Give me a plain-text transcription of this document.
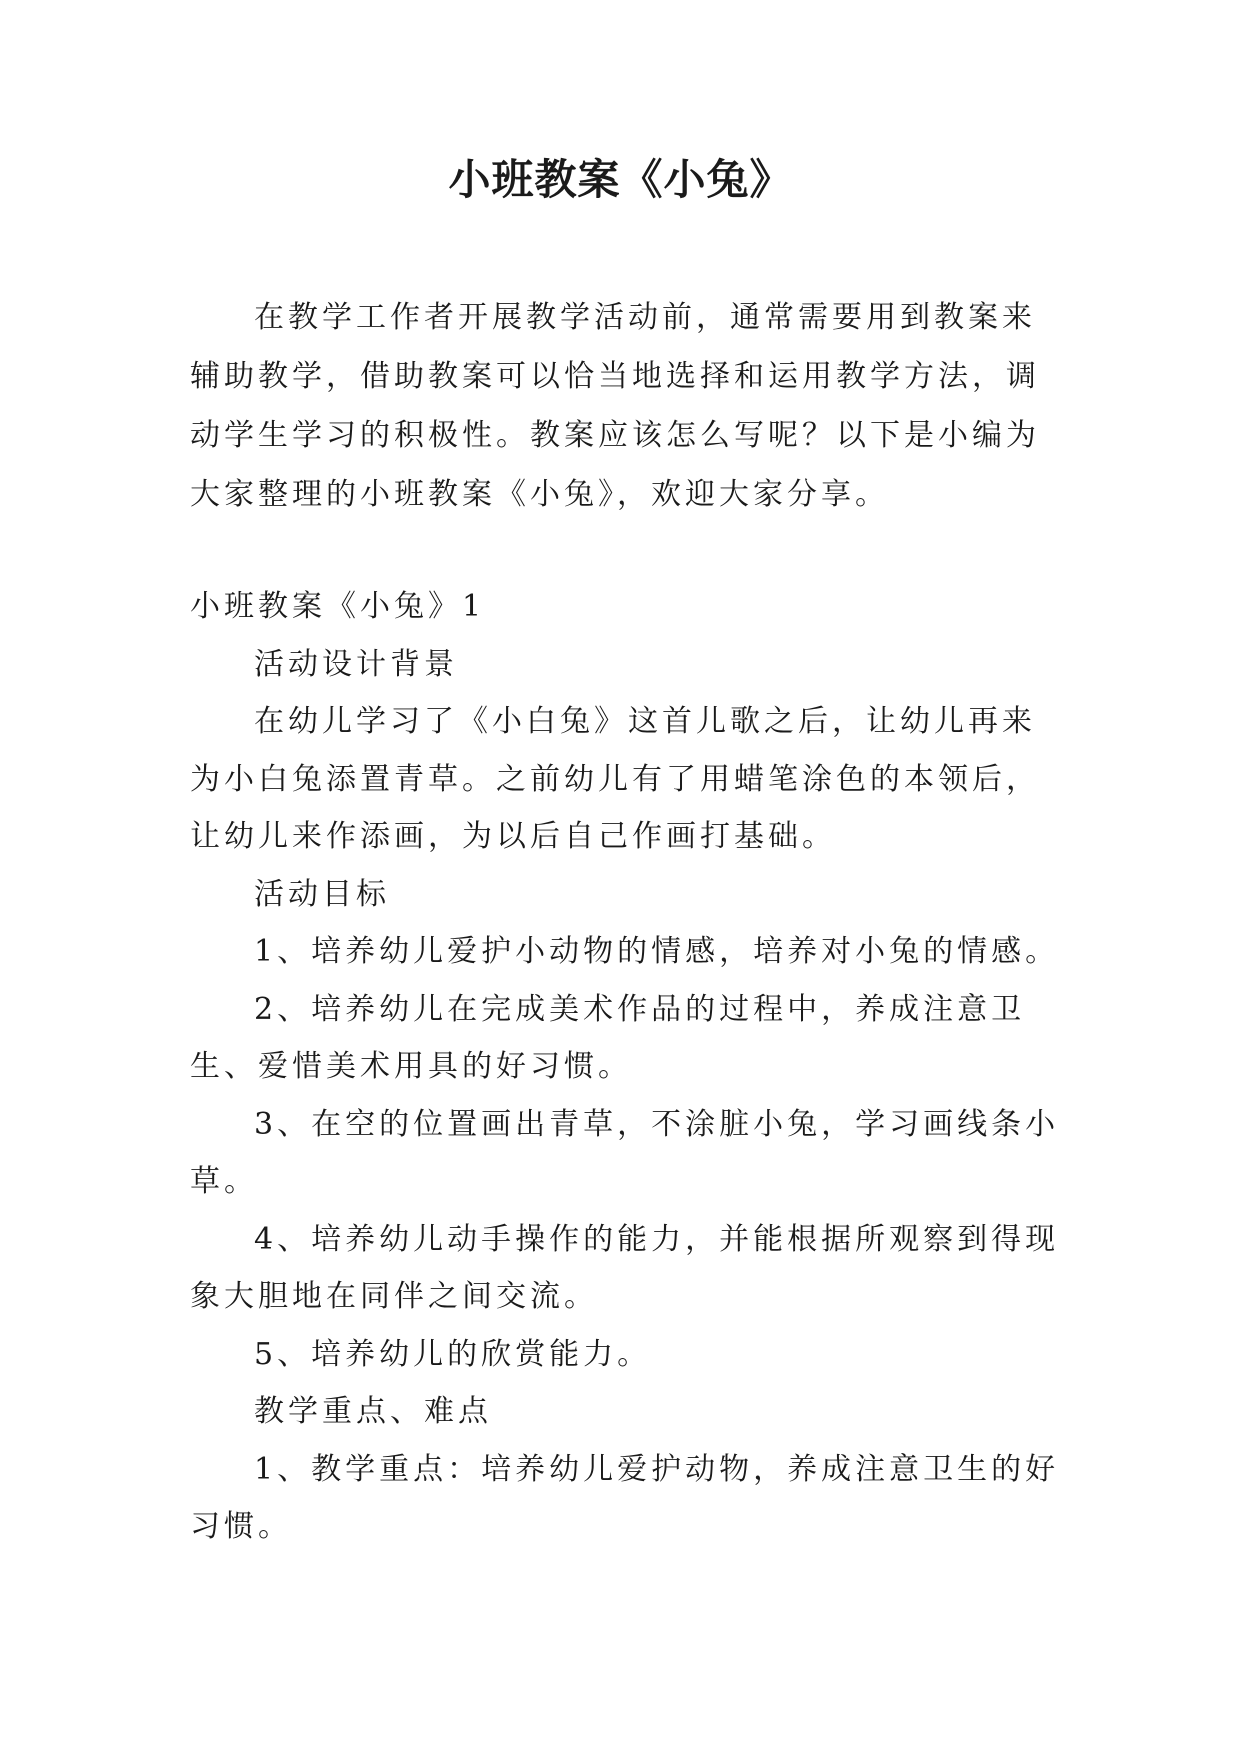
小班教案《小兔》

在教学工作者开展教学活动前，通常需要用到教案来辅助教学，借助教案可以恰当地选择和运用教学方法，调动学生学习的积极性。教案应该怎么写呢？以下是小编为大家整理的小班教案《小兔》，欢迎大家分享。

小班教案《小兔》1

活动设计背景

在幼儿学习了《小白兔》这首儿歌之后，让幼儿再来为小白兔添置青草。之前幼儿有了用蜡笔涂色的本领后，让幼儿来作添画，为以后自己作画打基础。

活动目标

1、培养幼儿爱护小动物的情感，培养对小兔的情感。

2、培养幼儿在完成美术作品的过程中，养成注意卫生、爱惜美术用具的好习惯。

3、在空的位置画出青草，不涂脏小兔，学习画线条小草。

4、培养幼儿动手操作的能力，并能根据所观察到得现象大胆地在同伴之间交流。

5、培养幼儿的欣赏能力。

教学重点、难点

1、教学重点：培养幼儿爱护动物，养成注意卫生的好习惯。
